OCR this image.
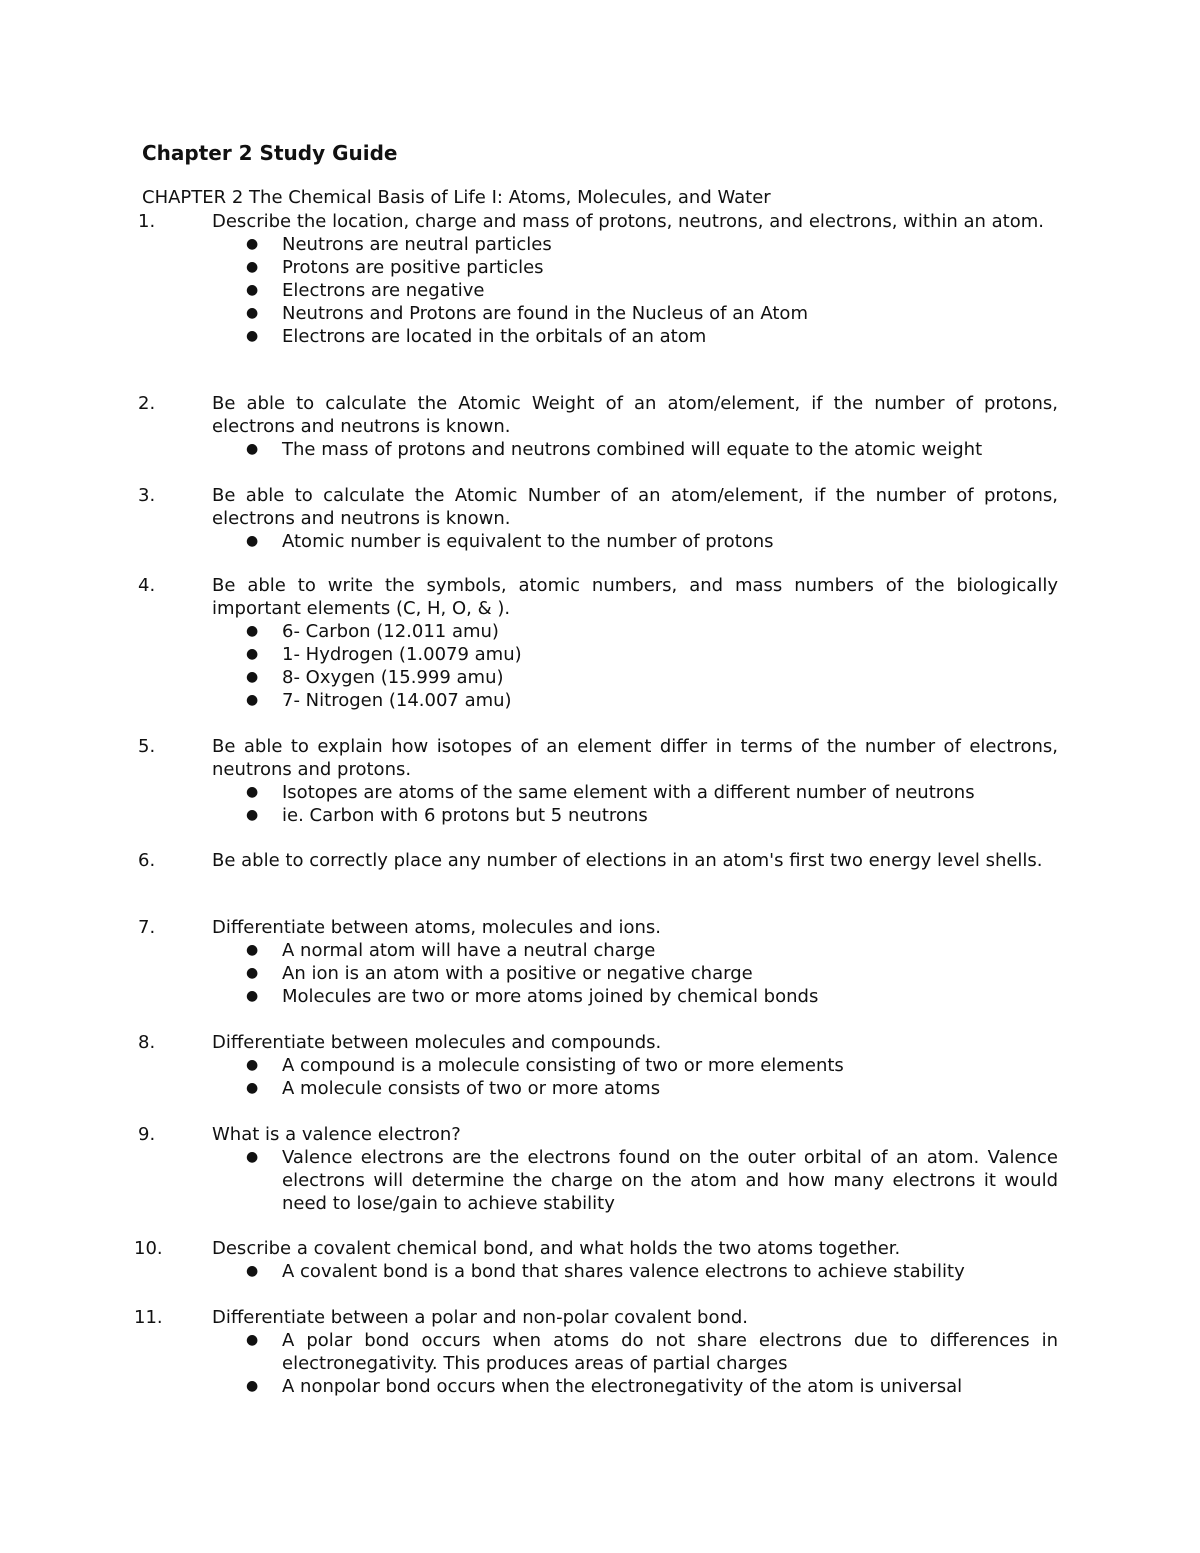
Chapter 2 Study Guide
CHAPTER 2 The Chemical Basis of Life I: Atoms, Molecules, and Water
1.	Describe the location, charge and mass of protons, neutrons, and electrons, within an atom.
● Neutrons are neutral particles
● Protons are positive particles
● Electrons are negative
● Neutrons and Protons are found in the Nucleus of an Atom
● Electrons are located in the orbitals of an atom
2.	Be able to calculate the Atomic Weight of an atom/element, if the number of protons, electrons and neutrons is known.
● The mass of protons and neutrons combined will equate to the atomic weight
3.	Be able to calculate the Atomic Number of an atom/element, if the number of protons, electrons and neutrons is known.
● Atomic number is equivalent to the number of protons
4.	Be able to write the symbols, atomic numbers, and mass numbers of the biologically important elements (C, H, O, & ).
● 6- Carbon (12.011 amu)
● 1- Hydrogen (1.0079 amu)
● 8- Oxygen (15.999 amu)
● 7- Nitrogen (14.007 amu)
5.	Be able to explain how isotopes of an element differ in terms of the number of electrons, neutrons and protons.
● Isotopes are atoms of the same element with a different number of neutrons
● ie. Carbon with 6 protons but 5 neutrons
6.	Be able to correctly place any number of elections in an atom's first two energy level shells.
7.	Differentiate between atoms, molecules and ions.
● A normal atom will have a neutral charge
● An ion is an atom with a positive or negative charge
● Molecules are two or more atoms joined by chemical bonds
8.	Differentiate between molecules and compounds.
● A compound is a molecule consisting of two or more elements
● A molecule consists of two or more atoms
9.	What is a valence electron?
● Valence electrons are the electrons found on the outer orbital of an atom. Valence electrons will determine the charge on the atom and how many electrons it would need to lose/gain to achieve stability
10.	Describe a covalent chemical bond, and what holds the two atoms together.
● A covalent bond is a bond that shares valence electrons to achieve stability
11.	Differentiate between a polar and non-polar covalent bond.
● A polar bond occurs when atoms do not share electrons due to differences in electronegativity. This produces areas of partial charges
● A nonpolar bond occurs when the electronegativity of the atom is universal
